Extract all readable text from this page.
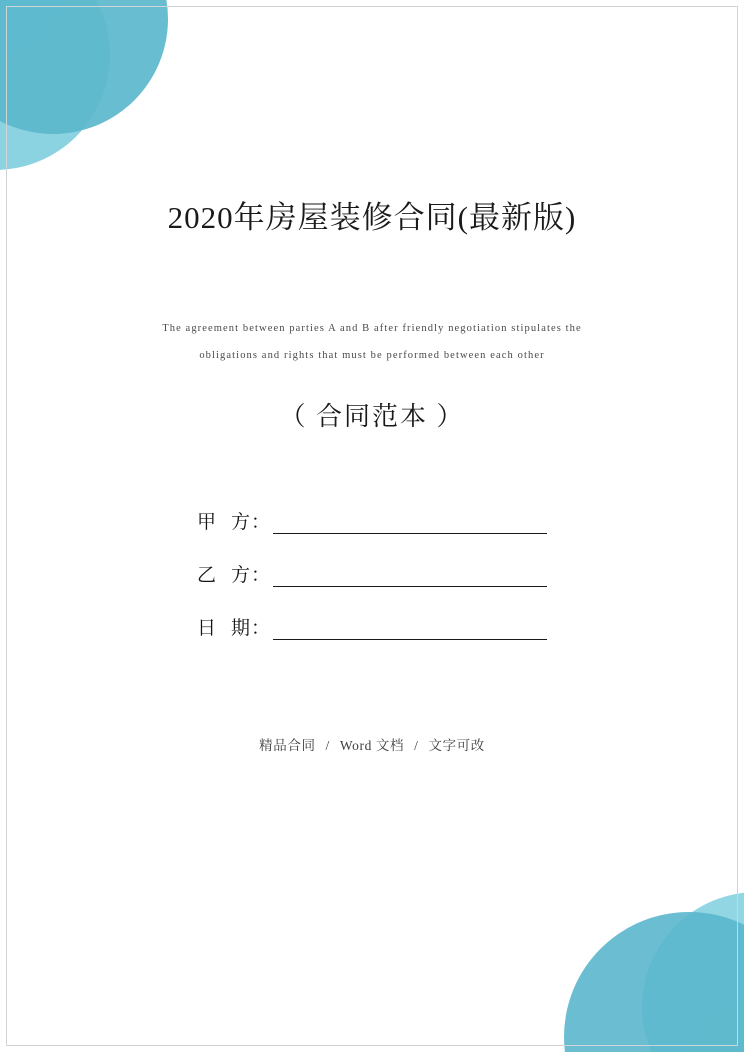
2020年房屋装修合同(最新版)
The agreement between parties A and B after friendly negotiation stipulates the
obligations and rights that must be performed between each other
（ 合同范本 ）
甲 方：
乙 方：
日 期：
精品合同 / Word 文档 / 文字可改
